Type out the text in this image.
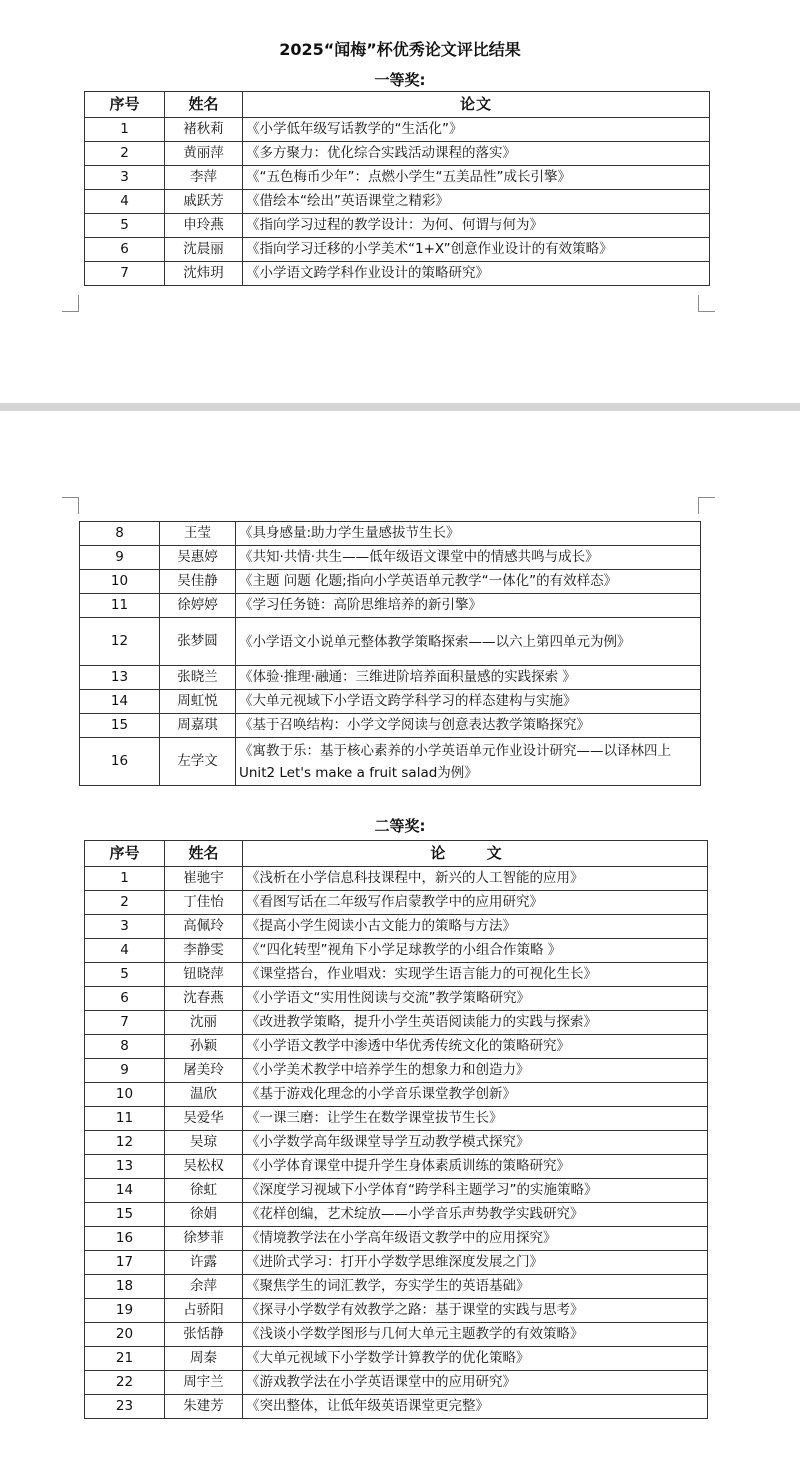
2025“闻梅”杯优秀论文评比结果
一等奖:
序号	姓名	论文
1	褚秋莉	《小学低年级写话教学的“生活化”》
2	黄丽萍	《多方聚力：优化综合实践活动课程的落实》
3	李萍	《“五色梅币少年”：点燃小学生“五美品性”成长引擎》
4	戚跃芳	《借绘本“绘出”英语课堂之精彩》
5	申玲燕	《指向学习过程的教学设计：为何、何谓与何为》
6	沈晨丽	《指向学习迁移的小学美术“1+X”创意作业设计的有效策略》
7	沈炜玥	《小学语文跨学科作业设计的策略研究》
8	王莹	《具身感量:助力学生量感拔节生长》
9	吴惠婷	《共知·共情·共生——低年级语文课堂中的情感共鸣与成长》
10	吴佳静	《主题 问题 化题;指向小学英语单元教学“一体化”的有效样态》
11	徐婷婷	《学习任务链：高阶思维培养的新引擎》
12	张梦圆	《小学语文小说单元整体教学策略探索——以六上第四单元为例》
13	张晓兰	《体验·推理·融通：三维进阶培养面积量感的实践探索 》
14	周虹悦	《大单元视域下小学语文跨学科学习的样态建构与实施》
15	周嘉琪	《基于召唤结构：小学文学阅读与创意表达教学策略探究》
16	左学文	《寓教于乐：基于核心素养的小学英语单元作业设计研究——以译林四上Unit2 Let's make a fruit salad为例》
二等奖:
序号	姓名	论 文
1	崔驰宇	《浅析在小学信息科技课程中，新兴的人工智能的应用》
2	丁佳怡	《看图写话在二年级写作启蒙教学中的应用研究》
3	高佩玲	《提高小学生阅读小古文能力的策略与方法》
4	李静雯	《“四化转型”视角下小学足球教学的小组合作策略 》
5	钮晓萍	《课堂搭台，作业唱戏：实现学生语言能力的可视化生长》
6	沈春燕	《小学语文“实用性阅读与交流”教学策略研究》
7	沈丽	《改进教学策略，提升小学生英语阅读能力的实践与探索》
8	孙颖	《小学语文教学中渗透中华优秀传统文化的策略研究》
9	屠美玲	《小学美术教学中培养学生的想象力和创造力》
10	温欣	《基于游戏化理念的小学音乐课堂教学创新》
11	吴爱华	《一课三磨：让学生在数学课堂拔节生长》
12	吴琼	《小学数学高年级课堂导学互动教学模式探究》
13	吴松权	《小学体育课堂中提升学生身体素质训练的策略研究》
14	徐虹	《深度学习视域下小学体育“跨学科主题学习”的实施策略》
15	徐娟	《花样创编，艺术绽放——小学音乐声势教学实践研究》
16	徐梦菲	《情境教学法在小学高年级语文教学中的应用探究》
17	许露	《进阶式学习：打开小学数学思维深度发展之门》
18	余萍	《聚焦学生的词汇教学，夯实学生的英语基础》
19	占骄阳	《探寻小学数学有效教学之路：基于课堂的实践与思考》
20	张恬静	《浅谈小学数学图形与几何大单元主题教学的有效策略》
21	周秦	《大单元视域下小学数学计算教学的优化策略》
22	周宇兰	《游戏教学法在小学英语课堂中的应用研究》
23	朱建芳	《突出整体，让低年级英语课堂更完整》
